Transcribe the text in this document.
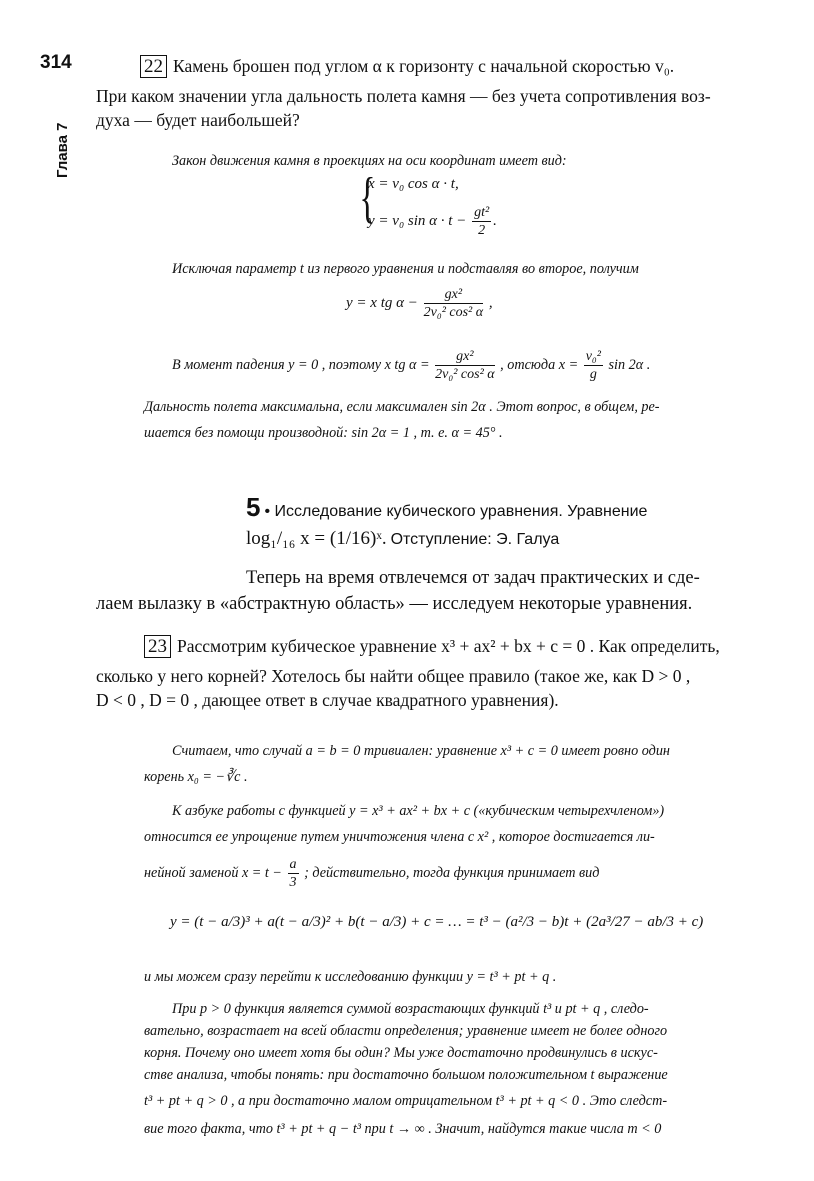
314
Глава 7
22 Камень брошен под углом α к горизонту с начальной скоростью v₀.
При каком значении угла дальность полета камня — без учета сопротивления воз-
духа — будет наибольшей?
Закон движения камня в проекциях на оси координат имеет вид:
{
x = v₀ cos α · t,
y = v₀ $\sin \alpha \cdot t - \frac{\text{gt²}}{2}$ .
Исключая параметр t из первого уравнения и подставляя во второе, получим
y = x tg $\alpha - \frac{\text{gx²}}{\text{2v₀² cos² α}}$ ,
В момент падения y = 0 , поэтому x tg $\alpha = \frac{\text{gx²}}{\text{2v₀² cos² α}}$ , отсюда $x = \frac{\text{v₀²}}{g}$ sin 2α .
Дальность полета максимальна, если максимален sin 2α . Этот вопрос, в общем, ре-
шается без помощи производной: sin 2α = 1 , т. е. α = 45° .
5 • Исследование кубического уравнения. Уравнение
log₁/₁₆ x = (1/16)ˣ. Отступление: Э. Галуа
Теперь на время отвлечемся от задач практических и сде-
лаем вылазку в «абстрактную область» — исследуем некоторые уравнения.
23 Рассмотрим кубическое уравнение x³ + ax² + bx + c = 0 . Как определить,
сколько у него корней? Хотелось бы найти общее правило (такое же, как D > 0 ,
D < 0 , D = 0 , дающее ответ в случае квадратного уравнения).
Считаем, что случай a = b = 0 тривиален: уравнение x³ + c = 0 имеет ровно один
корень x₀ = −∛c .
К азбуке работы с функцией y = x³ + ax² + bx + c («кубическим четырехчленом»)
относится ее упрощение путем уничтожения члена с x² , которое достигается ли-
нейной заменой $x = t - \frac{a}{3}$ ; действительно, тогда функция принимает вид
y = (t − a/3)³ + a(t − a/3)² + b(t − a/3) + c = … = t³ − (a²/3 − b)t + (2a³/27 − ab/3 + c)
и мы можем сразу перейти к исследованию функции y = t³ + pt + q .
При p > 0 функция является суммой возрастающих функций t³ и pt + q , следо-
вательно, возрастает на всей области определения; уравнение имеет не более одного
корня. Почему оно имеет хотя бы один? Мы уже достаточно продвинулись в искус-
стве анализа, чтобы понять: при достаточно большом положительном t выражение
t³ + pt + q > 0 , а при достаточно малом отрицательном t³ + pt + q < 0 . Это следст-
вие того факта, что t³ + pt + q − t³ при t → ∞ . Значит, найдутся такие числа m < 0
